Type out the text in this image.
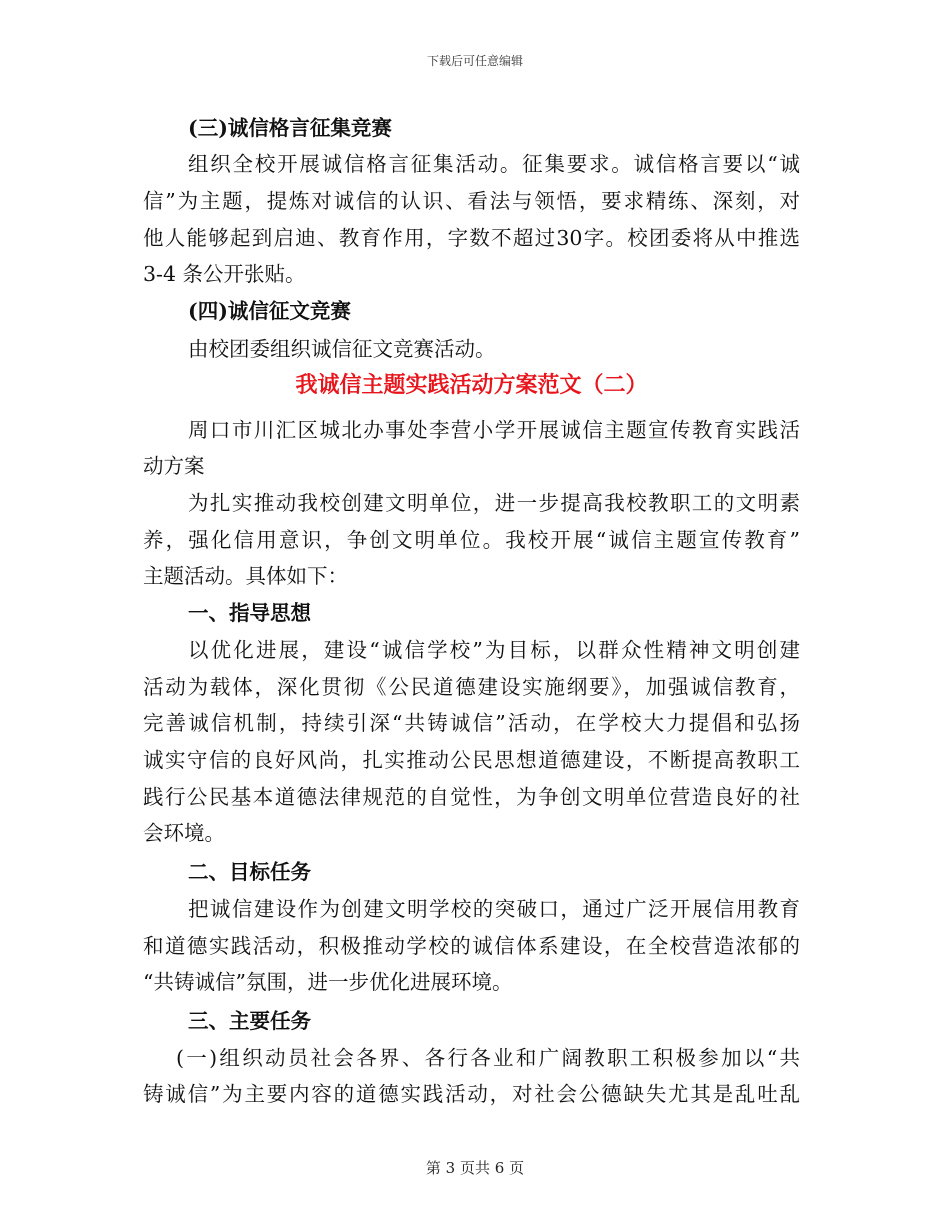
下载后可任意编辑
(三)诚信格言征集竞赛
组织全校开展诚信格言征集活动。征集要求。诚信格言要以“诚
信”为主题，提炼对诚信的认识、看法与领悟，要求精练、深刻，对
他人能够起到启迪、教育作用，字数不超过30字。校团委将从中推选
3-4 条公开张贴。
(四)诚信征文竞赛
由校团委组织诚信征文竞赛活动。
我诚信主题实践活动方案范文（二）
周口市川汇区城北办事处李营小学开展诚信主题宣传教育实践活
动方案
为扎实推动我校创建文明单位，进一步提高我校教职工的文明素
养，强化信用意识，争创文明单位。我校开展“诚信主题宣传教育”
主题活动。具体如下：
一、指导思想
以优化进展，建设“诚信学校”为目标，以群众性精神文明创建
活动为载体，深化贯彻《公民道德建设实施纲要》，加强诚信教育，
完善诚信机制，持续引深“共铸诚信”活动，在学校大力提倡和弘扬
诚实守信的良好风尚，扎实推动公民思想道德建设，不断提高教职工
践行公民基本道德法律规范的自觉性，为争创文明单位营造良好的社
会环境。
二、目标任务
把诚信建设作为创建文明学校的突破口，通过广泛开展信用教育
和道德实践活动，积极推动学校的诚信体系建设，在全校营造浓郁的
“共铸诚信”氛围，进一步优化进展环境。
三、主要任务
(一)组织动员社会各界、各行各业和广阔教职工积极参加以“共
铸诚信”为主要内容的道德实践活动，对社会公德缺失尤其是乱吐乱
第 3 页共 6 页
